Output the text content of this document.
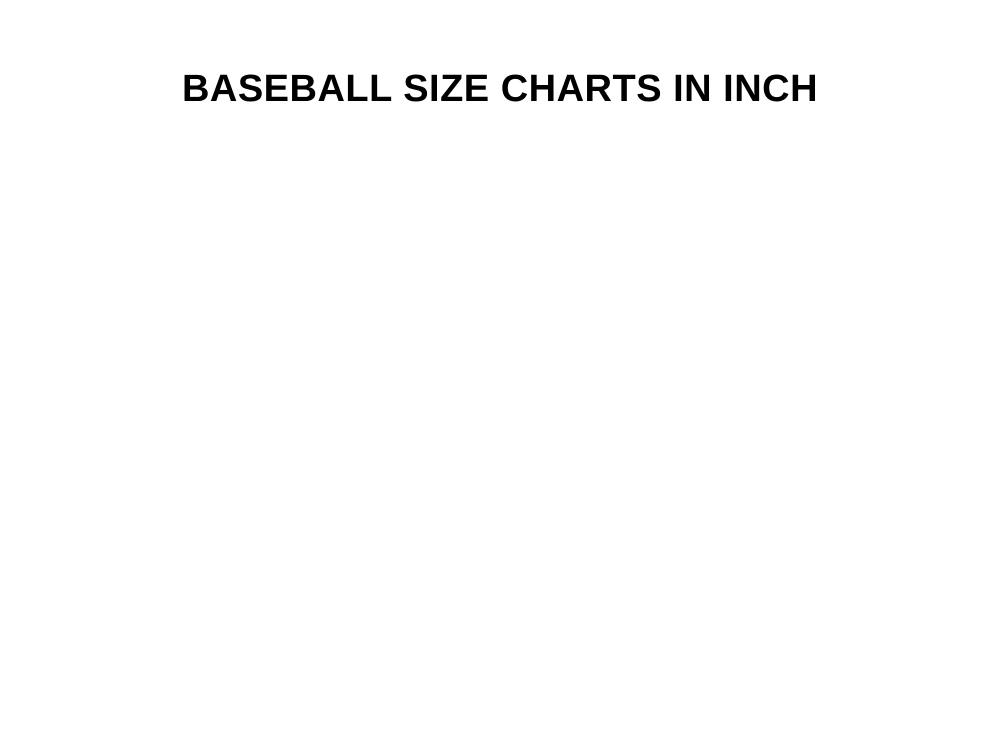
BASEBALL SIZE CHARTS IN INCH
